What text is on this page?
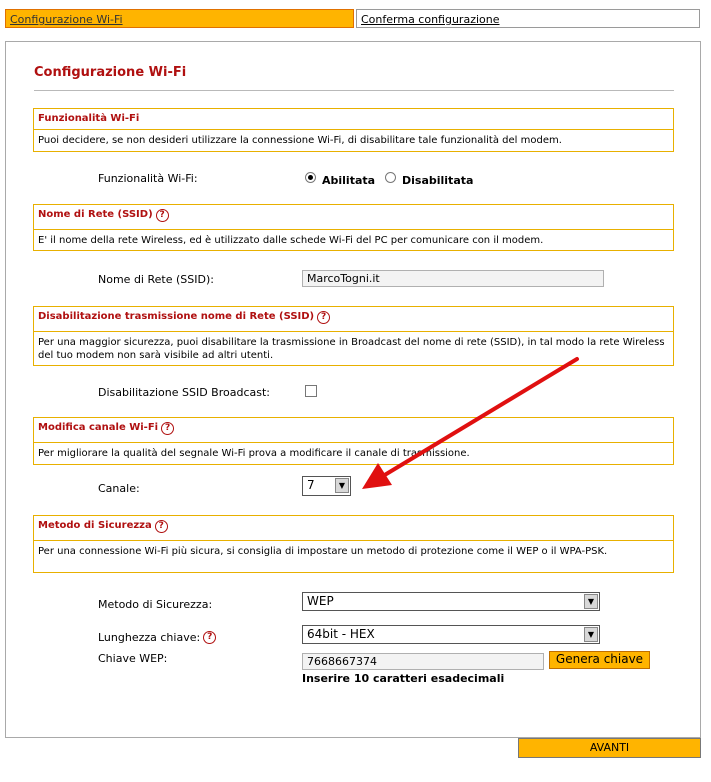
Configurazione Wi-Fi	Conferma configurazione
Configurazione Wi-Fi
Funzionalità Wi-Fi
Puoi decidere, se non desideri utilizzare la connessione Wi-Fi, di disabilitare tale funzionalità del modem.
Funzionalità Wi-Fi:	Abilitata Disabilitata
Nome di Rete (SSID) ?
E' il nome della rete Wireless, ed è utilizzato dalle schede Wi-Fi del PC per comunicare con il modem.
Nome di Rete (SSID):	MarcoTogni.it
Disabilitazione trasmissione nome di Rete (SSID) ?
Per una maggior sicurezza, puoi disabilitare la trasmissione in Broadcast del nome di rete (SSID), in tal modo la rete Wireless del tuo modem non sarà visibile ad altri utenti.
Disabilitazione SSID Broadcast:
Modifica canale Wi-Fi ?
Per migliorare la qualità del segnale Wi-Fi prova a modificare il canale di trasmissione.
Canale:	7	▼
Metodo di Sicurezza ?
Per una connessione Wi-Fi più sicura, si consiglia di impostare un metodo di protezione come il WEP o il WPA-PSK.
Metodo di Sicurezza:	WEP	▼
Lunghezza chiave: ?	64bit - HEX	▼
Chiave WEP:	7668667374	Genera chiave
Inserire 10 caratteri esadecimali
AVANTI
